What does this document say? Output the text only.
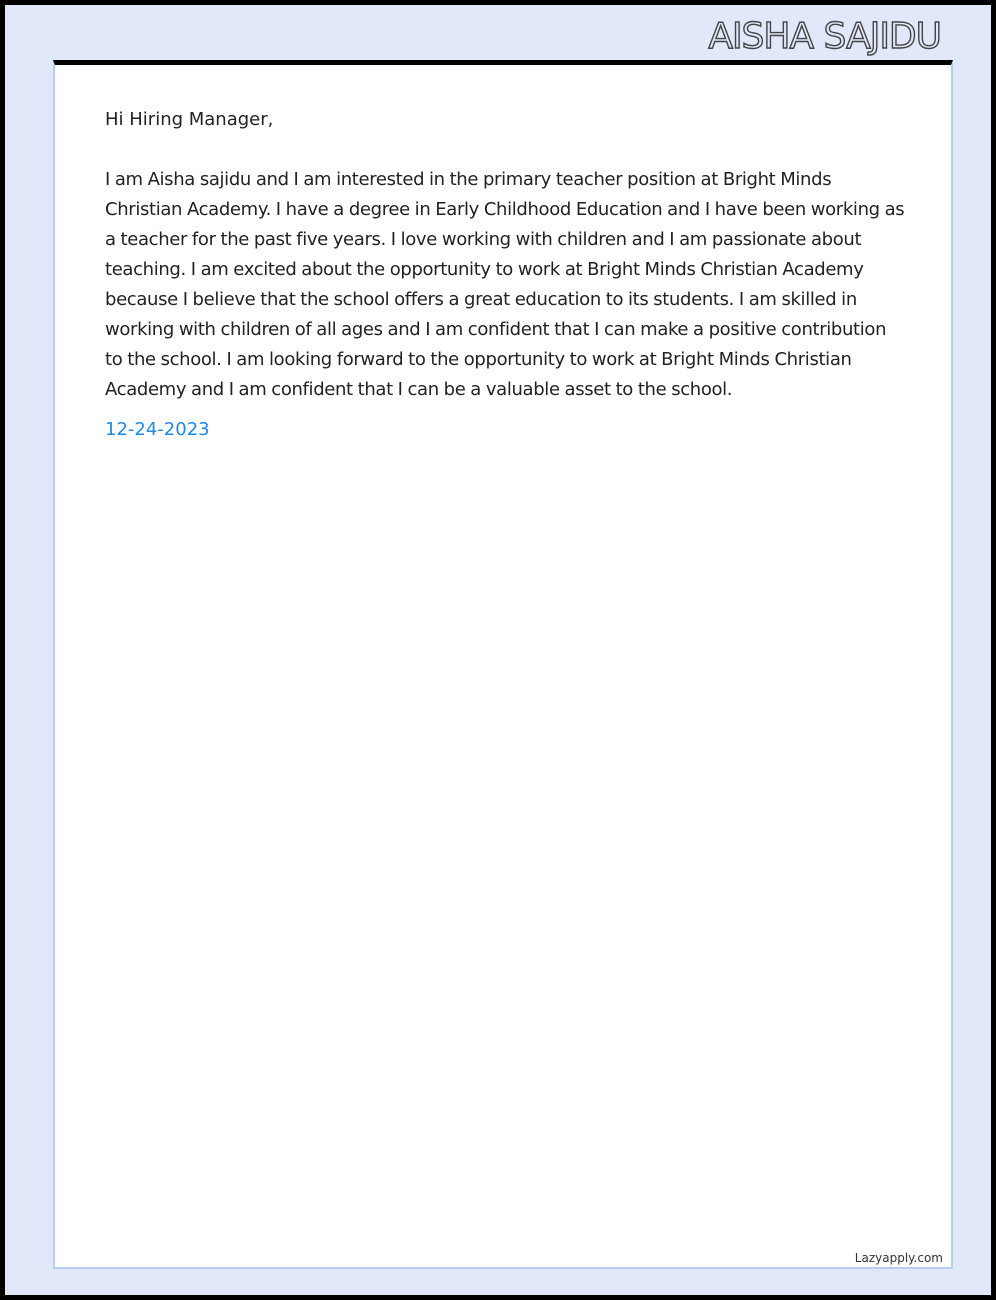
AISHA SAJIDU

Hi Hiring Manager,

I am Aisha sajidu and I am interested in the primary teacher position at Bright Minds Christian Academy. I have a degree in Early Childhood Education and I have been working as a teacher for the past five years. I love working with children and I am passionate about teaching. I am excited about the opportunity to work at Bright Minds Christian Academy because I believe that the school offers a great education to its students. I am skilled in working with children of all ages and I am confident that I can make a positive contribution to the school. I am looking forward to the opportunity to work at Bright Minds Christian Academy and I am confident that I can be a valuable asset to the school.

12-24-2023

Lazyapply.com
